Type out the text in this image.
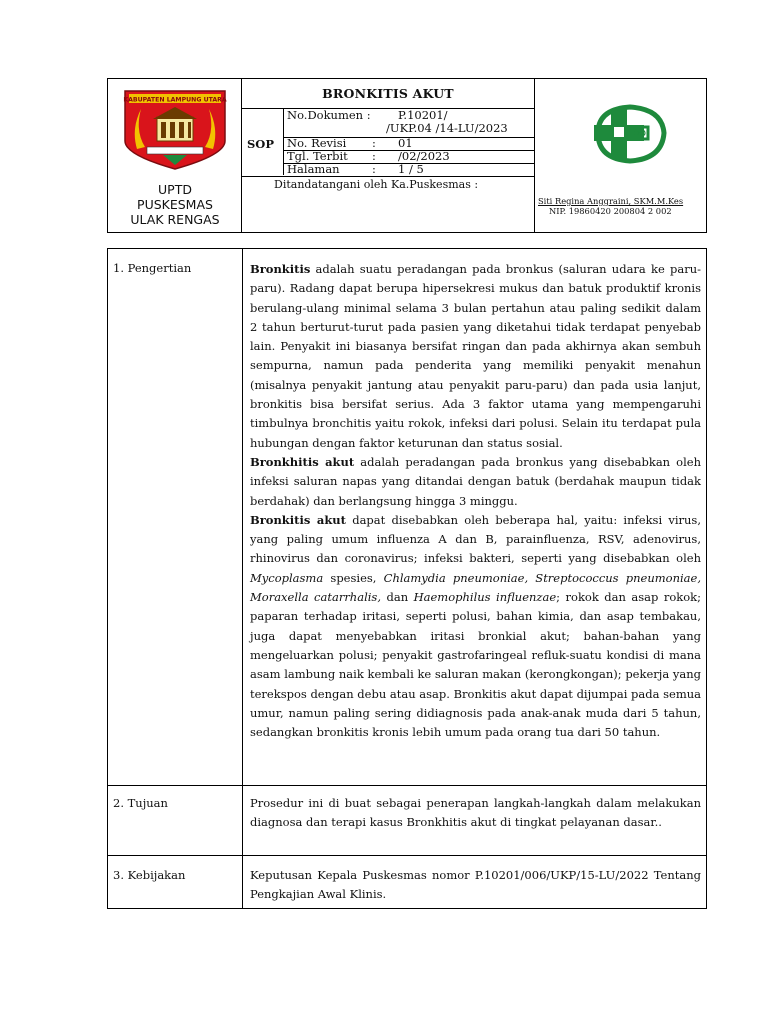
KABUPATEN LAMPUNG UTARA
UPTD
PUSKESMAS
ULAK RENGAS
BRONKITIS AKUT
SOP
No.Dokumen : P.10201/
/UKP.04 /14-LU/2023
No. Revisi : 01
Tgl. Terbit : /02/2023
Halaman	: 1 / 5
Ditandatangani oleh Ka.Puskesmas :
Siti Regina Anggraini, SKM.M.Kes
NIP. 19860420 200804 2 002
1. Pengertian	Bronkitis adalah suatu peradangan pada bronkus (saluran udara ke paru-paru). Radang dapat berupa hipersekresi mukus dan batuk produktif kronis berulang-ulang minimal selama 3 bulan pertahun atau paling sedikit dalam 2 tahun berturut-turut pada pasien yang diketahui tidak terdapat penyebab lain. Penyakit ini biasanya bersifat ringan dan pada akhirnya akan sembuh sempurna, namun pada penderita yang memiliki penyakit menahun (misalnya penyakit jantung atau penyakit paru-paru) dan pada usia lanjut, bronkitis bisa bersifat serius. Ada 3 faktor utama yang mempengaruhi timbulnya bronchitis yaitu rokok, infeksi dari polusi. Selain itu terdapat pula hubungan dengan faktor keturunan dan status sosial.

Bronkhitis akut adalah peradangan pada bronkus yang disebabkan oleh infeksi saluran napas yang ditandai dengan batuk (berdahak maupun tidak berdahak) dan berlangsung hingga 3 minggu.

Bronkitis akut dapat disebabkan oleh beberapa hal, yaitu: infeksi virus, yang paling umum influenza A dan B, parainfluenza, RSV, adenovirus, rhinovirus dan coronavirus; infeksi bakteri, seperti yang disebabkan oleh Mycoplasma spesies, Chlamydia pneumoniae, Streptococcus pneumoniae, Moraxella catarrhalis, dan Haemophilus influenzae; rokok dan asap rokok; paparan terhadap iritasi, seperti polusi, bahan kimia, dan asap tembakau, juga dapat menyebabkan iritasi bronkial akut; bahan-bahan yang mengeluarkan polusi; penyakit gastrofaringeal refluk-suatu kondisi di mana asam lambung naik kembali ke saluran makan (kerongkongan); pekerja yang terekspos dengan debu atau asap. Bronkitis akut dapat dijumpai pada semua umur, namun paling sering didiagnosis pada anak-anak muda dari 5 tahun, sedangkan bronkitis kronis lebih umum pada orang tua dari 50 tahun.

2. Tujuan	Prosedur ini di buat sebagai penerapan langkah-langkah dalam melakukan diagnosa dan terapi kasus Bronkhitis akut di tingkat pelayanan dasar..
3. Kebijakan	Keputusan Kepala Puskesmas nomor P.10201/006/UKP/15-LU/2022 Tentang Pengkajian Awal Klinis.
